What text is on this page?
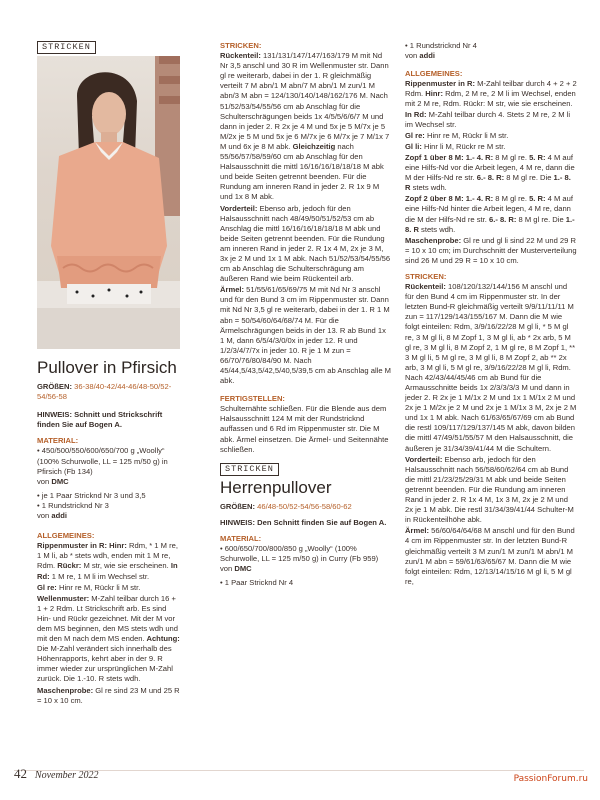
STRICKEN
Pullover in Pfirsich

GRÖßEN: 36-38/40-42/44-46/48-50/52-54/56-58

HINWEIS: Schnitt und Strickschrift finden Sie auf Bogen A.

MATERIAL:
• 450/500/550/600/650/700 g „Woolly“ (100% Schurwolle, LL = 125 m/50 g) in Pfirsich (Fb 134)
von DMC
• je 1 Paar Stricknd Nr 3 und 3,5
• 1 Rundstricknd Nr 3
von addi
ALLGEMEINES:

Rippenmuster in R: Hinr: Rdm, * 1 M re, 1 M li, ab * stets wdh, enden mit 1 M re, Rdm. Rückr: M str, wie sie erscheinen. In Rd: 1 M re, 1 M li im Wechsel str.

Gl re: Hinr re M, Rückr li M str.

Wellenmuster: M-Zahl teilbar durch 16 + 1 + 2 Rdm. Lt Strickschrift arb. Es sind Hin- und Rückr gezeichnet. Mit der M vor dem MS beginnen, den MS stets wdh und mit den M nach dem MS enden. Achtung: Die M-Zahl verändert sich innerhalb des Höhenrapports, kehrt aber in der 9. R immer wieder zur ursprünglichen M-Zahl zurück. Die 1.-10. R stets wdh.

Maschenprobe: Gl re sind 23 M und 25 R = 10 x 10 cm.

STRICKEN:

Rückenteil: 131/131/147/147/163/179 M mit Nd Nr 3,5 anschl und 30 R im Wellenmuster str. Dann gl re weiterarb, dabei in der 1. R gleichmäßig verteilt 7 M abn/1 M abn/7 M abn/1 M zun/1 M abn/3 M abn = 124/130/140/148/162/176 M. Nach 51/52/53/54/55/56 cm ab Anschlag für die Schulterschrägungen beids 1x 4/5/5/6/6/7 M und dann in jeder 2. R 2x je 4 M und 5x je 5 M/7x je 5 M/2x je 5 M und 5x je 6 M/7x je 6 M/7x je 7 M/1x 7 M und 6x je 8 M abk. Gleichzeitig nach 55/56/57/58/59/60 cm ab Anschlag für den Halsausschnitt die mittl 16/16/16/18/18/18 M abk und beide Seiten getrennt beenden. Für die Rundung am inneren Rand in jeder 2. R 1x 9 M und 1x 8 M abk.

Vorderteil: Ebenso arb, jedoch für den Halsausschnitt nach 48/49/50/51/52/53 cm ab Anschlag die mittl 16/16/16/18/18/18 M abk und beide Seiten getrennt beenden. Für die Rundung am inneren Rand in jeder 2. R 1x 4 M, 2x je 3 M, 3x je 2 M und 1x 1 M abk. Nach 51/52/53/54/55/56 cm ab Anschlag die Schulterschrägung am äußeren Rand wie beim Rückenteil arb.

Ärmel: 51/55/61/65/69/75 M mit Nd Nr 3 anschl und für den Bund 3 cm im Rippenmuster str. Dann mit Nd Nr 3,5 gl re weiterarb, dabei in der 1. R 1 M abn = 50/54/60/64/68/74 M. Für die Ärmelschrägungen beids in der 13. R ab Bund 1x 1 M, dann 6/5/4/3/0/0x in jeder 12. R und 1/2/3/4/7/7x in jeder 10. R je 1 M zun = 66/70/76/80/84/90 M. Nach 45/44,5/43,5/42,5/40,5/39,5 cm ab Anschlag alle M abk.

FERTIGSTELLEN:

Schulternähte schließen. Für die Blende aus dem Halsausschnitt 124 M mit der Rundstricknd auffassen und 6 Rd im Rippenmuster str. Die M abk. Ärmel einsetzen. Die Ärmel- und Seitennähte schließen.

STRICKEN
Herrenpullover

GRÖßEN: 46/48-50/52-54/56-58/60-62

HINWEIS: Den Schnitt finden Sie auf Bogen A.

MATERIAL:
• 600/650/700/800/850 g „Woolly“ (100% Schurwolle, LL = 125 m/50 g) in Curry (Fb 959)
von DMC
• 1 Paar Stricknd Nr 4
• 1 Rundstricknd Nr 4
von addi
ALLGEMEINES:

Rippenmuster in R: M-Zahl teilbar durch 4 + 2 + 2 Rdm. Hinr: Rdm, 2 M re, 2 M li im Wechsel, enden mit 2 M re, Rdm. Rückr: M str, wie sie erscheinen. In Rd: M-Zahl teilbar durch 4. Stets 2 M re, 2 M li im Wechsel str.

Gl re: Hinr re M, Rückr li M str.

Gl li: Hinr li M, Rückr re M str.

Zopf 1 über 8 M: 1.- 4. R: 8 M gl re. 5. R: 4 M auf eine Hilfs-Nd vor die Arbeit legen, 4 M re, dann die M der Hilfs-Nd re str. 6.- 8. R: 8 M gl re. Die 1.- 8. R stets wdh.

Zopf 2 über 8 M: 1.- 4. R: 8 M gl re. 5. R: 4 M auf eine Hilfs-Nd hinter die Arbeit legen, 4 M re, dann die M der Hilfs-Nd re str. 6.- 8. R: 8 M gl re. Die 1.- 8. R stets wdh.

Maschenprobe: Gl re und gl li sind 22 M und 29 R = 10 x 10 cm; im Durchschnitt der Musterverteilung sind 26 M und 29 R = 10 x 10 cm.

STRICKEN:

Rückenteil: 108/120/132/144/156 M anschl und für den Bund 4 cm im Rippenmuster str. In der letzten Bund-R gleichmäßig verteilt 9/9/11/11/11 M zun = 117/129/143/155/167 M. Dann die M wie folgt einteilen: Rdm, 3/9/16/22/28 M gl li, * 5 M gl re, 3 M gl li, 8 M Zopf 1, 3 M gl li, ab * 2x arb, 5 M gl re, 3 M gl li, 8 M Zopf 2, 1 M gl re, 8 M Zopf 1, ** 3 M gl li, 5 M gl re, 3 M gl li, 8 M Zopf 2, ab ** 2x arb, 3 M gl li, 5 M gl re, 3/9/16/22/28 M gl li, Rdm. Nach 42/43/44/45/46 cm ab Bund für die Armausschnitte beids 1x 2/3/3/3/3 M und dann in jeder 2. R 2x je 1 M/1x 2 M und 1x 1 M/1x 2 M und 2x je 1 M/2x je 2 M und 2x je 1 M/1x 3 M, 2x je 2 M und 1x 1 M abk. Nach 61/63/65/67/69 cm ab Bund die restl 109/117/129/137/145 M abk, davon bilden die mittl 47/49/51/55/57 M den Halsausschnitt, die äußeren je 31/34/39/41/44 M die Schultern.

Vorderteil: Ebenso arb, jedoch für den Halsausschnitt nach 56/58/60/62/64 cm ab Bund die mittl 21/23/25/29/31 M abk und beide Seiten getrennt beenden. Für die Rundung am inneren Rand in jeder 2. R 1x 4 M, 1x 3 M, 2x je 2 M und 2x je 1 M abk. Die restl 31/34/39/41/44 Schulter-M in Rückenteilhöhe abk.

Ärmel: 56/60/64/64/68 M anschl und für den Bund 4 cm im Rippenmuster str. In der letzten Bund-R gleichmäßig verteilt 3 M zun/1 M zun/1 M abn/1 M zun/1 M abn = 59/61/63/65/67 M. Dann die M wie folgt einteilen: Rdm, 12/13/14/15/16 M gl li, 5 M gl re,

42 November 2022	PassionForum.ru
